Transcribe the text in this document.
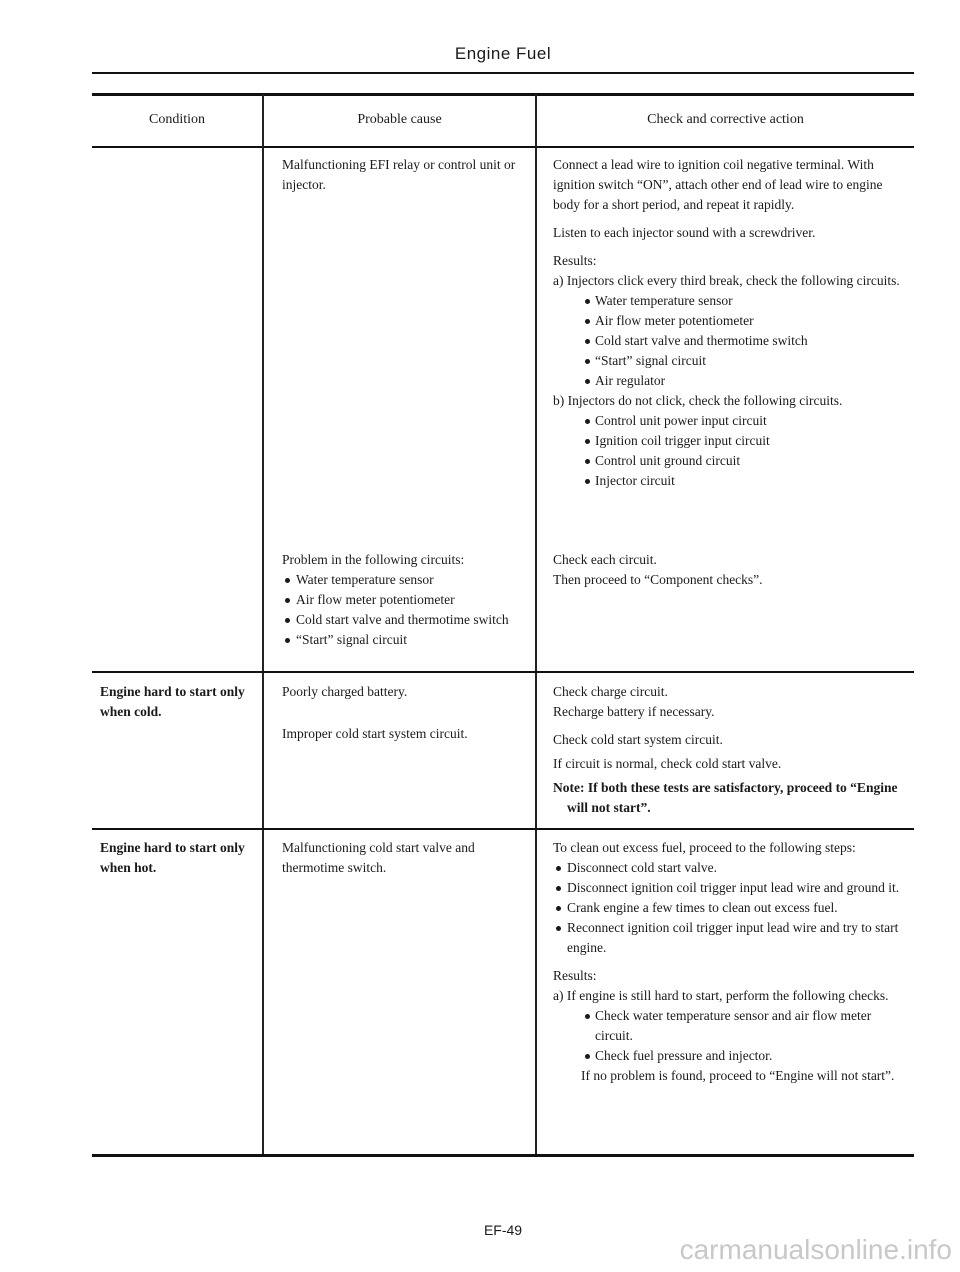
Engine Fuel
Condition	Probable cause	Check and corrective action

Malfunctioning EFI relay or control unit or injector.

Connect a lead wire to ignition coil negative terminal. With ignition switch “ON”, attach other end of lead wire to engine body for a short period, and repeat it rapidly.

Listen to each injector sound with a screwdriver.

Results:

a) Injectors click every third break, check the following circuits.

Water temperature sensor
Air flow meter potentiometer
Cold start valve and thermotime switch
“Start” signal circuit
Air regulator

b) Injectors do not click, check the following circuits.

Control unit power input circuit
Ignition coil trigger input circuit
Control unit ground circuit
Injector circuit

Problem in the following circuits:

Water temperature sensor
Air flow meter potentiometer
Cold start valve and thermotime switch
“Start” signal circuit

Check each circuit.

Then proceed to “Component checks”.

Engine hard to start only when cold.
Poorly charged battery.
Improper cold start system circuit.

Check charge circuit.

Recharge battery if necessary.

Check cold start system circuit.

If circuit is normal, check cold start valve.

Note: If both these tests are satisfactory, proceed to “Engine will not start”.

Engine hard to start only when hot.
Malfunctioning cold start valve and thermotime switch.

To clean out excess fuel, proceed to the following steps:

Disconnect cold start valve.
Disconnect ignition coil trigger input lead wire and ground it.
Crank engine a few times to clean out excess fuel.
Reconnect ignition coil trigger input lead wire and try to start engine.

Results:

a) If engine is still hard to start, perform the following checks.

Check water temperature sensor and air flow meter circuit.
Check fuel pressure and injector.

If no problem is found, proceed to “Engine will not start”.

EF-49
carmanualsonline.info
